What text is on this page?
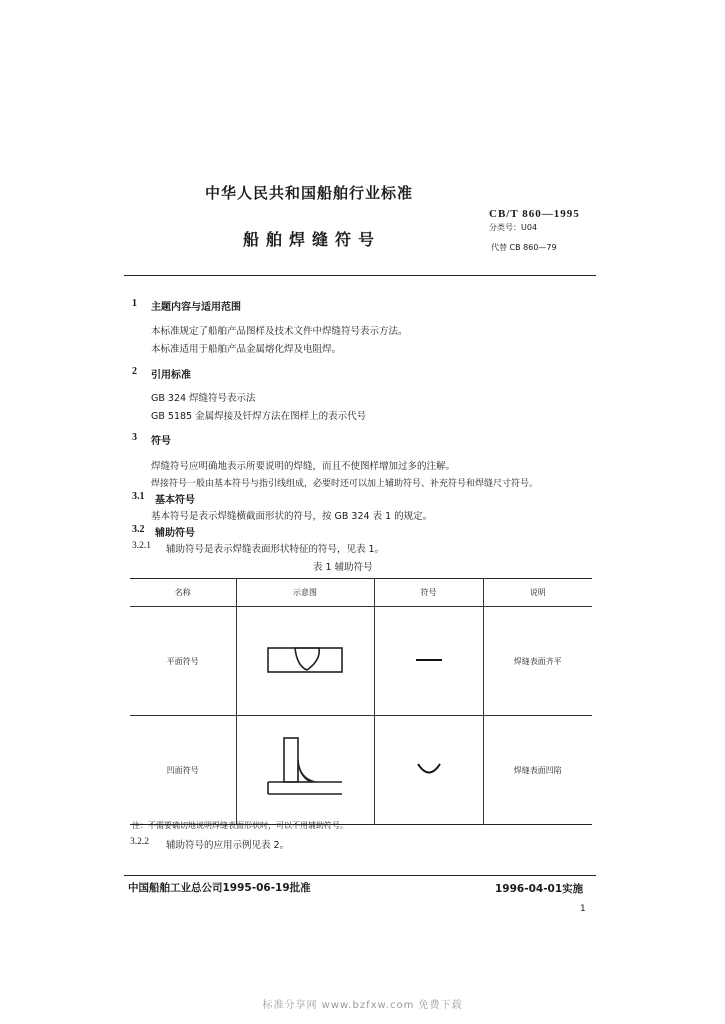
中华人民共和国船舶行业标准
船舶焊缝符号
CB/T 860—1995
分类号：U04
代替 CB 860—79
1 主题内容与适用范围
本标准规定了船舶产品图样及技术文件中焊缝符号表示方法。
本标准适用于船舶产品金属熔化焊及电阻焊。
2 引用标准
GB 324 焊缝符号表示法
GB 5185 金属焊接及钎焊方法在图样上的表示代号
3 符号
焊缝符号应明确地表示所要说明的焊缝，而且不使图样增加过多的注解。
焊接符号一般由基本符号与指引线组成，必要时还可以加上辅助符号、补充符号和焊缝尺寸符号。
3.1 基本符号
基本符号是表示焊缝横截面形状的符号，按 GB 324 表 1 的规定。
3.2 辅助符号
3.2.1 辅助符号是表示焊缝表面形状特征的符号，见表 1。
表 1 辅助符号
名称	示意图	符号	说明
平面符号			焊缝表面齐平
凹面符号			焊缝表面凹陷
注：不需要确切地说明焊缝表面形状时，可以不用辅助符号。
3.2.2 辅助符号的应用示例见表 2。
中国船舶工业总公司1995-06-19批准	1996-04-01实施
1
标准分享网 www.bzfxw.com 免费下载
